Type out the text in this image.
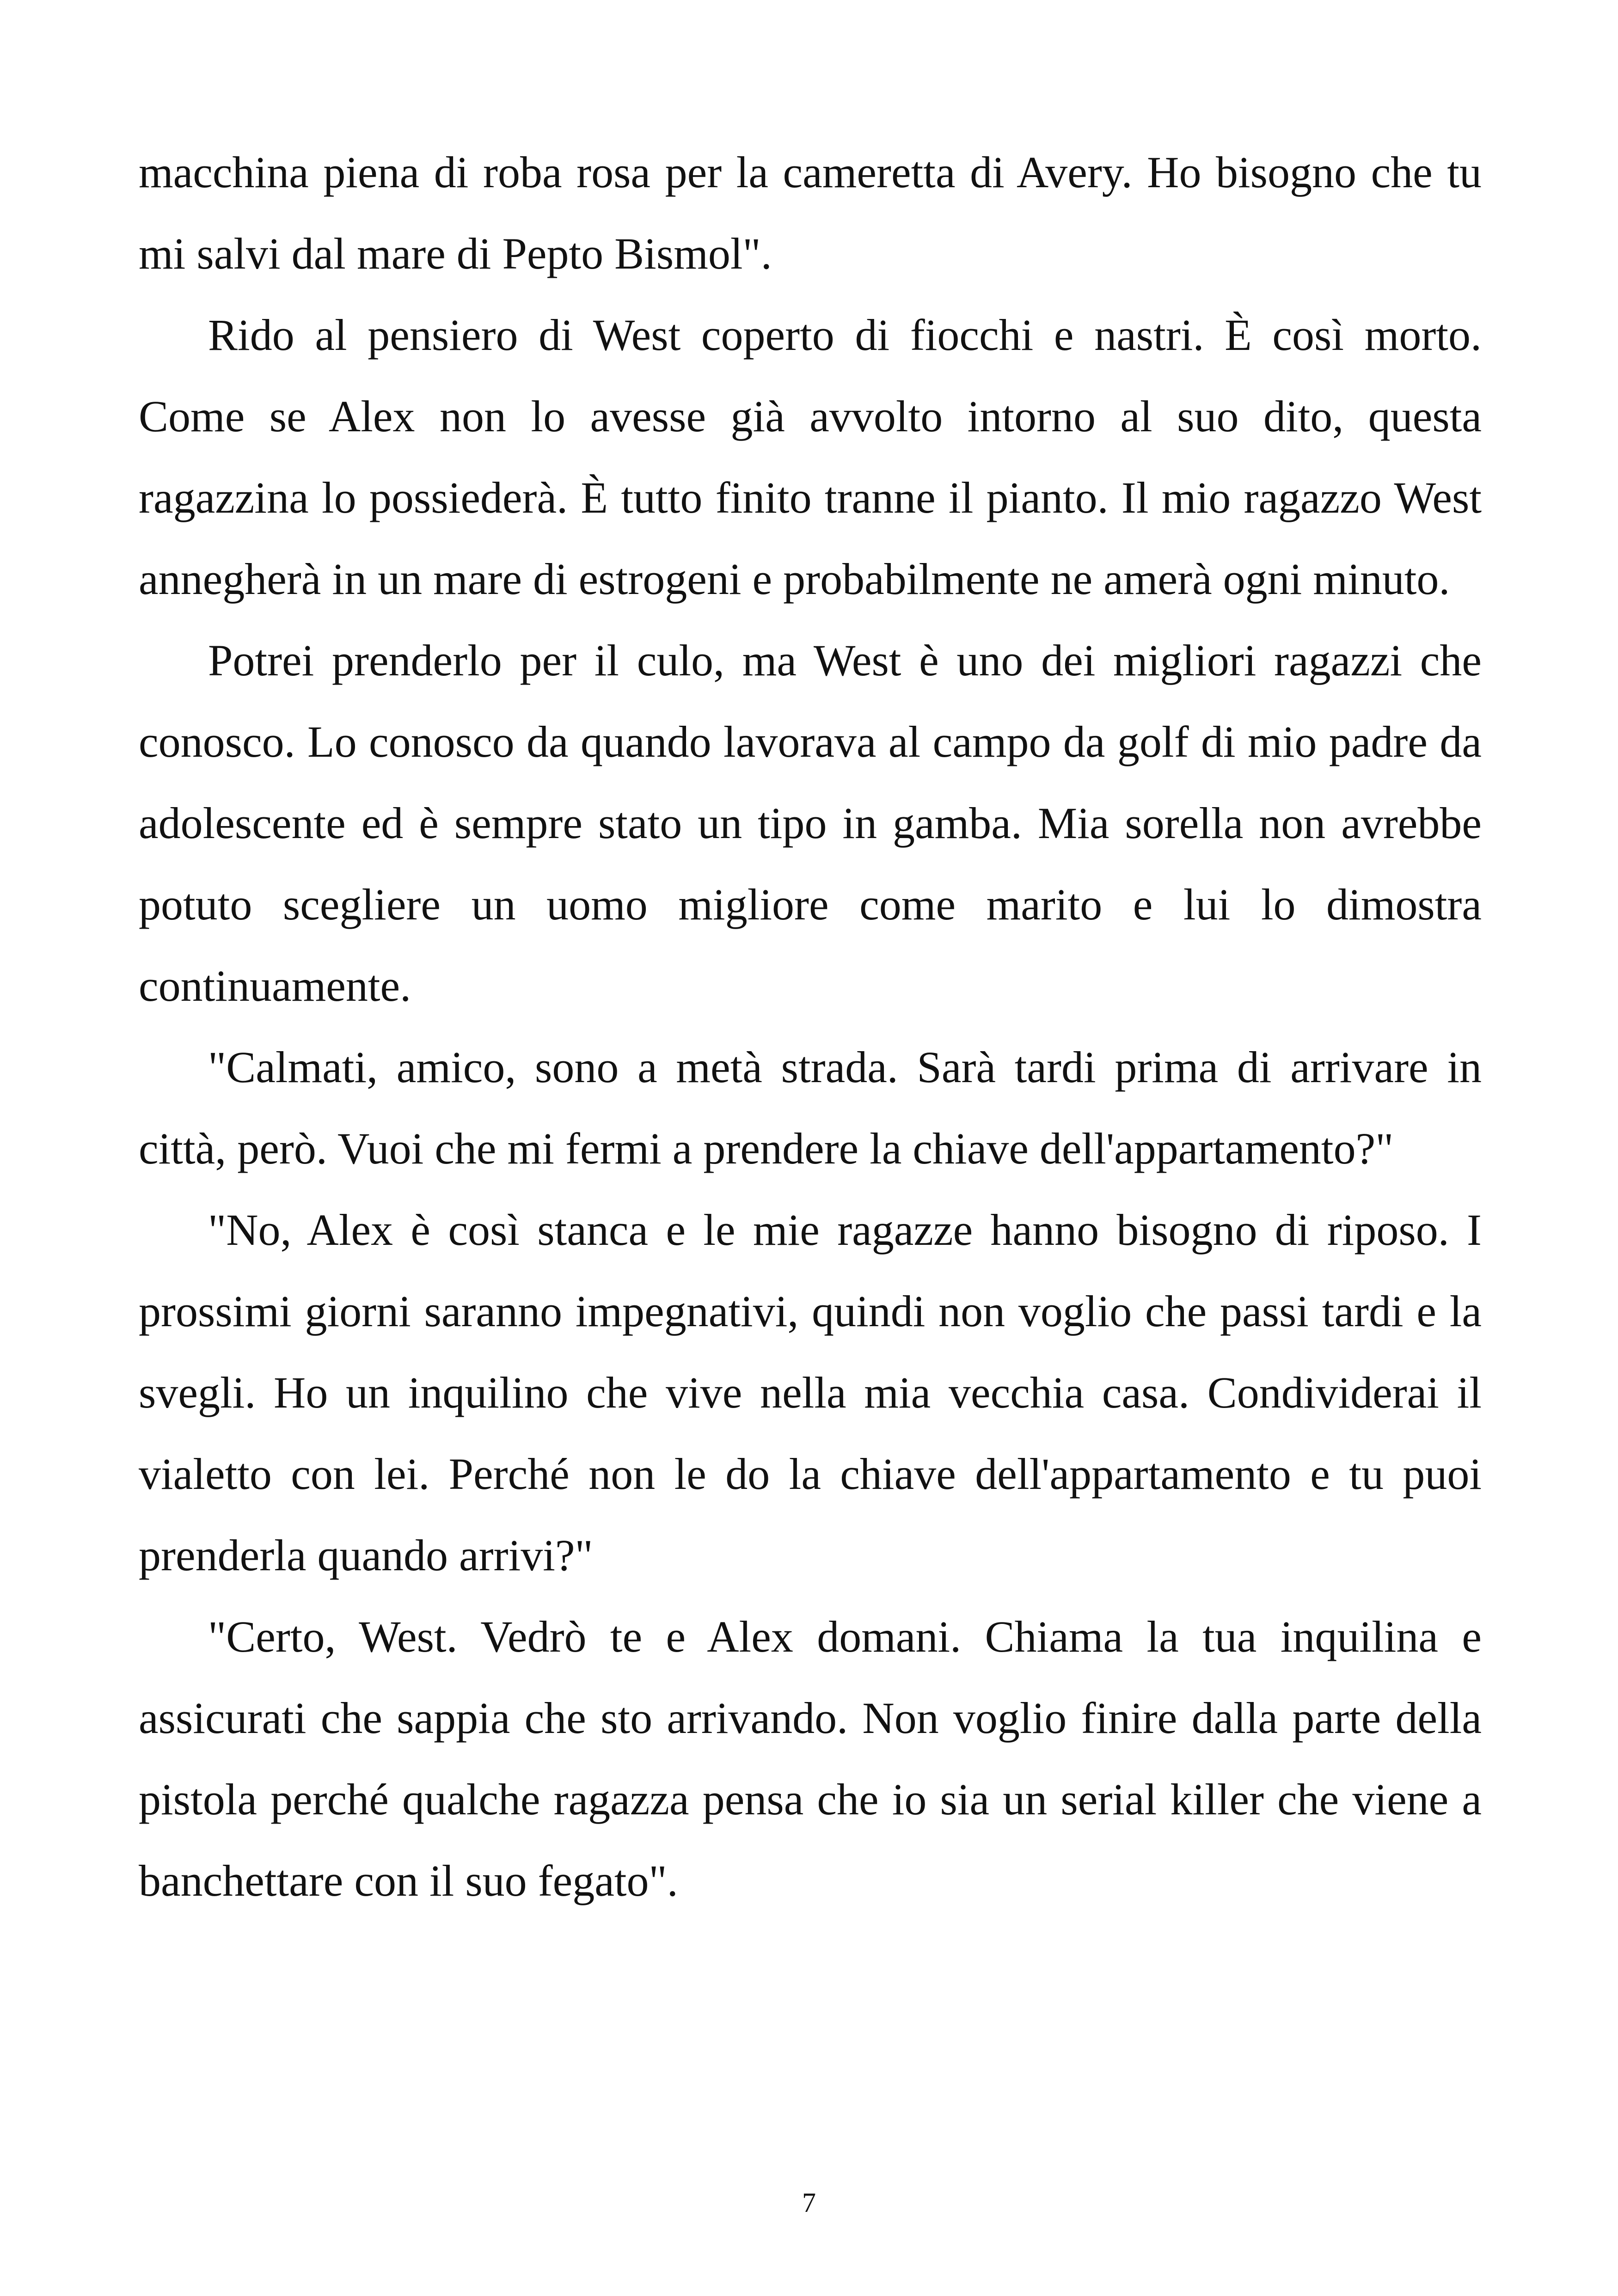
macchina piena di roba rosa per la cameretta di Avery. Ho bisogno che tu mi salvi dal mare di Pepto Bismol".

Rido al pensiero di West coperto di fiocchi e nastri. È così morto. Come se Alex non lo avesse già avvolto intorno al suo dito, questa ragazzina lo possiederà. È tutto finito tranne il pianto. Il mio ragazzo West annegherà in un mare di estrogeni e probabilmente ne amerà ogni minuto.

Potrei prenderlo per il culo, ma West è uno dei migliori ragazzi che conosco. Lo conosco da quando lavorava al campo da golf di mio padre da adolescente ed è sempre stato un tipo in gamba. Mia sorella non avrebbe potuto scegliere un uomo migliore come marito e lui lo dimostra continuamente.

"Calmati, amico, sono a metà strada. Sarà tardi prima di arrivare in città, però. Vuoi che mi fermi a prendere la chiave dell'appartamento?"

"No, Alex è così stanca e le mie ragazze hanno bisogno di riposo. I prossimi giorni saranno impegnativi, quindi non voglio che passi tardi e la svegli. Ho un inquilino che vive nella mia vecchia casa. Condividerai il vialetto con lei. Perché non le do la chiave dell'appartamento e tu puoi prenderla quando arrivi?"

"Certo, West. Vedrò te e Alex domani. Chiama la tua inquilina e assicurati che sappia che sto arrivando. Non voglio finire dalla parte della pistola perché qualche ragazza pensa che io sia un serial killer che viene a banchettare con il suo fegato".

7
